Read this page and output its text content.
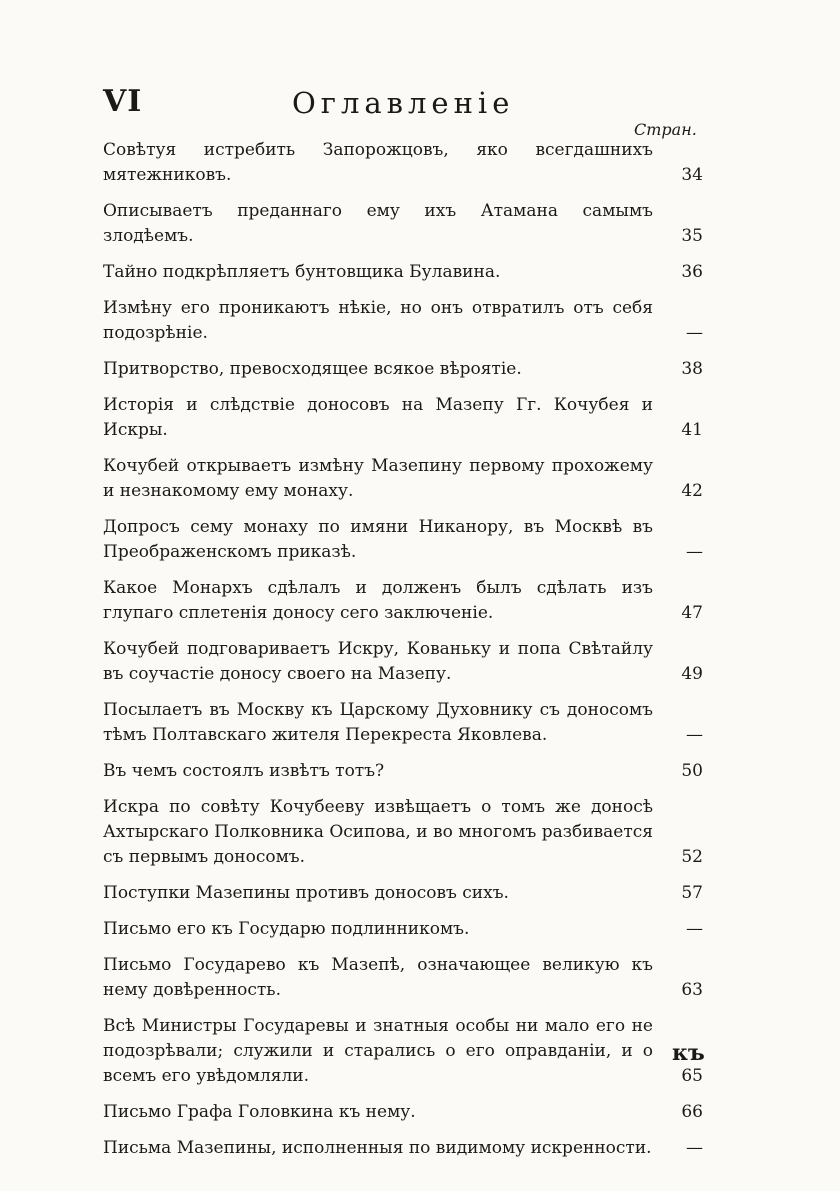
VI	Оглавленіе
Стран.
Совѣтуя истребить Запорожцовъ, яко всегдашнихъ мятежниковъ.	34
Описываетъ преданнаго ему ихъ Атамана самымъ злодѣемъ.	35
Тайно подкрѣпляетъ бунтовщика Булавина.	36
Измѣну его проникаютъ нѣкіе, но онъ отвратилъ отъ себя подозрѣніе.	—
Притворство, превосходящее всякое вѣроятіе.	38
Исторія и слѣдствіе доносовъ на Мазепу Гг. Кочубея и Искры.	41
Кочубей открываетъ измѣну Мазепину первому прохожему и незнакомому ему монаху.	42
Допросъ сему монаху по имяни Никанору, въ Москвѣ въ Преображенскомъ приказѣ.	—
Какое Монархъ сдѣлалъ и долженъ былъ сдѣлать изъ глупаго сплетенія доносу сего заключеніе.	47
Кочубей подговариваетъ Искру, Кованьку и попа Свѣтайлу въ соучастіе доносу своего на Мазепу.	49
Посылаетъ въ Москву къ Царскому Духовнику съ доносомъ тѣмъ Полтавскаго жителя Перекреста Яковлева.	—
Въ чемъ состоялъ извѣтъ тотъ?	50
Искра по совѣту Кочубееву извѣщаетъ о томъ же доносѣ Ахтырскаго Полковника Осипова, и во многомъ разбивается съ первымъ доносомъ.	52
Поступки Мазепины противъ доносовъ сихъ.	57
Письмо его къ Государю подлинникомъ.	—
Письмо Государево къ Мазепѣ, означающее великую къ нему довѣренность.	63
Всѣ Министры Государевы и знатныя особы ни мало его не подозрѣвали; служили и старались о его оправданіи, и о всемъ его увѣдомляли.	65
Письмо Графа Головкина къ нему.	66
Письма Мазепины, исполненныя по видимому искренности.	—
къ
